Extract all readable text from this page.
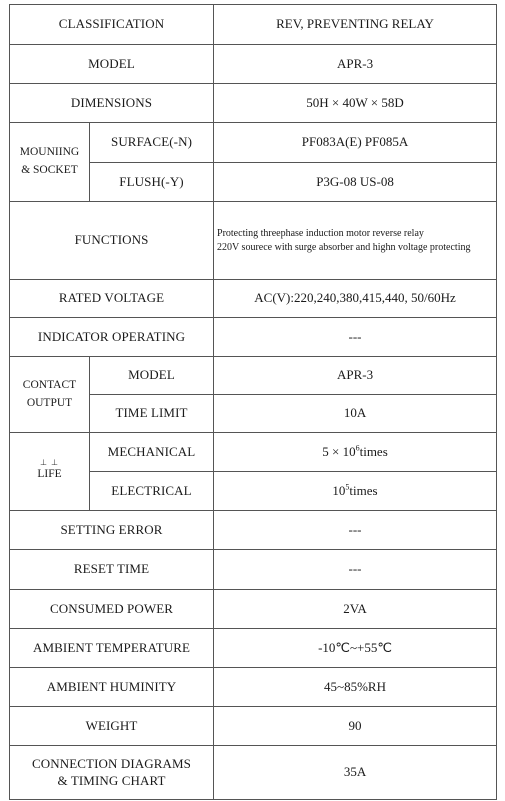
CLASSIFICATION		REV, PREVENTING RELAY
MODEL		APR-3
DIMENSIONS		50H × 40W × 58D
MOUNIING
& SOCKET	SURFACE(-N)	PF083A(E) PF085A
	FLUSH(-Y)	P3G-08 US-08
FUNCTIONS		Protecting threephase induction motor reverse relay
220V sourece with surge absorber and highn voltage protecting
RATED VOLTAGE		AC(V):220,240,380,415,440, 50/60Hz
INDICATOR OPERATING		---
CONTACT
OUTPUT	MODEL	APR-3
	TIME LIMIT	10A

⊥ ⊥
LIFE	MECHANICAL	$5 \times 10^6times$
	ELECTRICAL	$10^5times$
SETTING ERROR		---
RESET TIME		---
CONSUMED POWER		2VA
AMBIENT TEMPERATURE		-10℃~+55℃
AMBIENT HUMINITY		45~85%RH
WEIGHT		90
CONNECTION DIAGRAMS
& TIMING CHART		35A
